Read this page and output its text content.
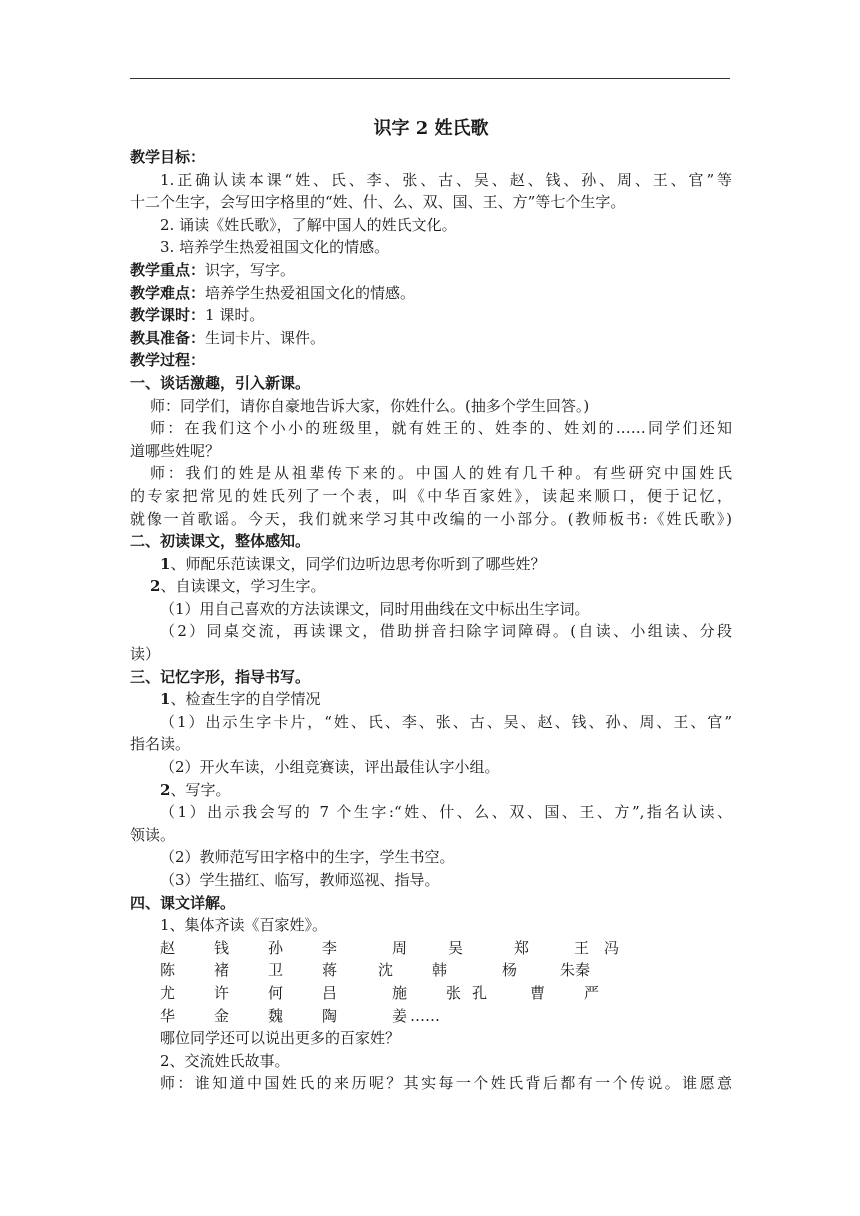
识字 2 姓氏歌
教学目标：
1.正确认读本课“姓、氏、李、张、古、吴、赵、钱、孙、周、王、官”等
十二个生字，会写田字格里的“姓、什、么、双、国、王、方”等七个生字。
2. 诵读《姓氏歌》，了解中国人的姓氏文化。
3. 培养学生热爱祖国文化的情感。
教学重点：识字，写字。
教学难点：培养学生热爱祖国文化的情感。
教学课时：1 课时。
教具准备：生词卡片、课件。
教学过程：
一、谈话激趣，引入新课。
师：同学们，请你自豪地告诉大家，你姓什么。(抽多个学生回答。)
师：在我们这个小小的班级里，就有姓王的、姓李的、姓刘的……同学们还知
道哪些姓呢？
师：我们的姓是从祖辈传下来的。中国人的姓有几千种。有些研究中国姓氏
的专家把常见的姓氏列了一个表，叫《中华百家姓》，读起来顺口，便于记忆，
就像一首歌谣。今天，我们就来学习其中改编的一小部分。(教师板书:《姓氏歌》)
二、初读课文，整体感知。
1、师配乐范读课文，同学们边听边思考你听到了哪些姓？
2、自读课文，学习生字。
（1）用自己喜欢的方法读课文，同时用曲线在文中标出生字词。
（2）同桌交流，再读课文，借助拼音扫除字词障碍。(自读、小组读、分段
读）
三、记忆字形，指导书写。
1、检查生字的自学情况
（1）出示生字卡片，“姓、氏、李、张、古、吴、赵、钱、孙、周、王、官”
指名读。
（2）开火车读，小组竞赛读，评出最佳认字小组。
2、写字。
（1）出示我会写的 7 个生字:“姓、什、么、双、国、王、方”,指名认读、
领读。
（2）教师范写田字格中的生字，学生书空。
（3）学生描红、临写，教师巡视、指导。
四、课文详解。
1、集体齐读《百家姓》。
赵	钱	孙	李	周	吴	郑	王 冯
陈	褚	卫	蒋	沈	韩	杨	朱秦
尤	许	何	吕	施	张 孔	曹	严
华	金	魏	陶	姜 ……
哪位同学还可以说出更多的百家姓？
2、交流姓氏故事。
师：谁知道中国姓氏的来历呢？其实每一个姓氏背后都有一个传说。谁愿意
